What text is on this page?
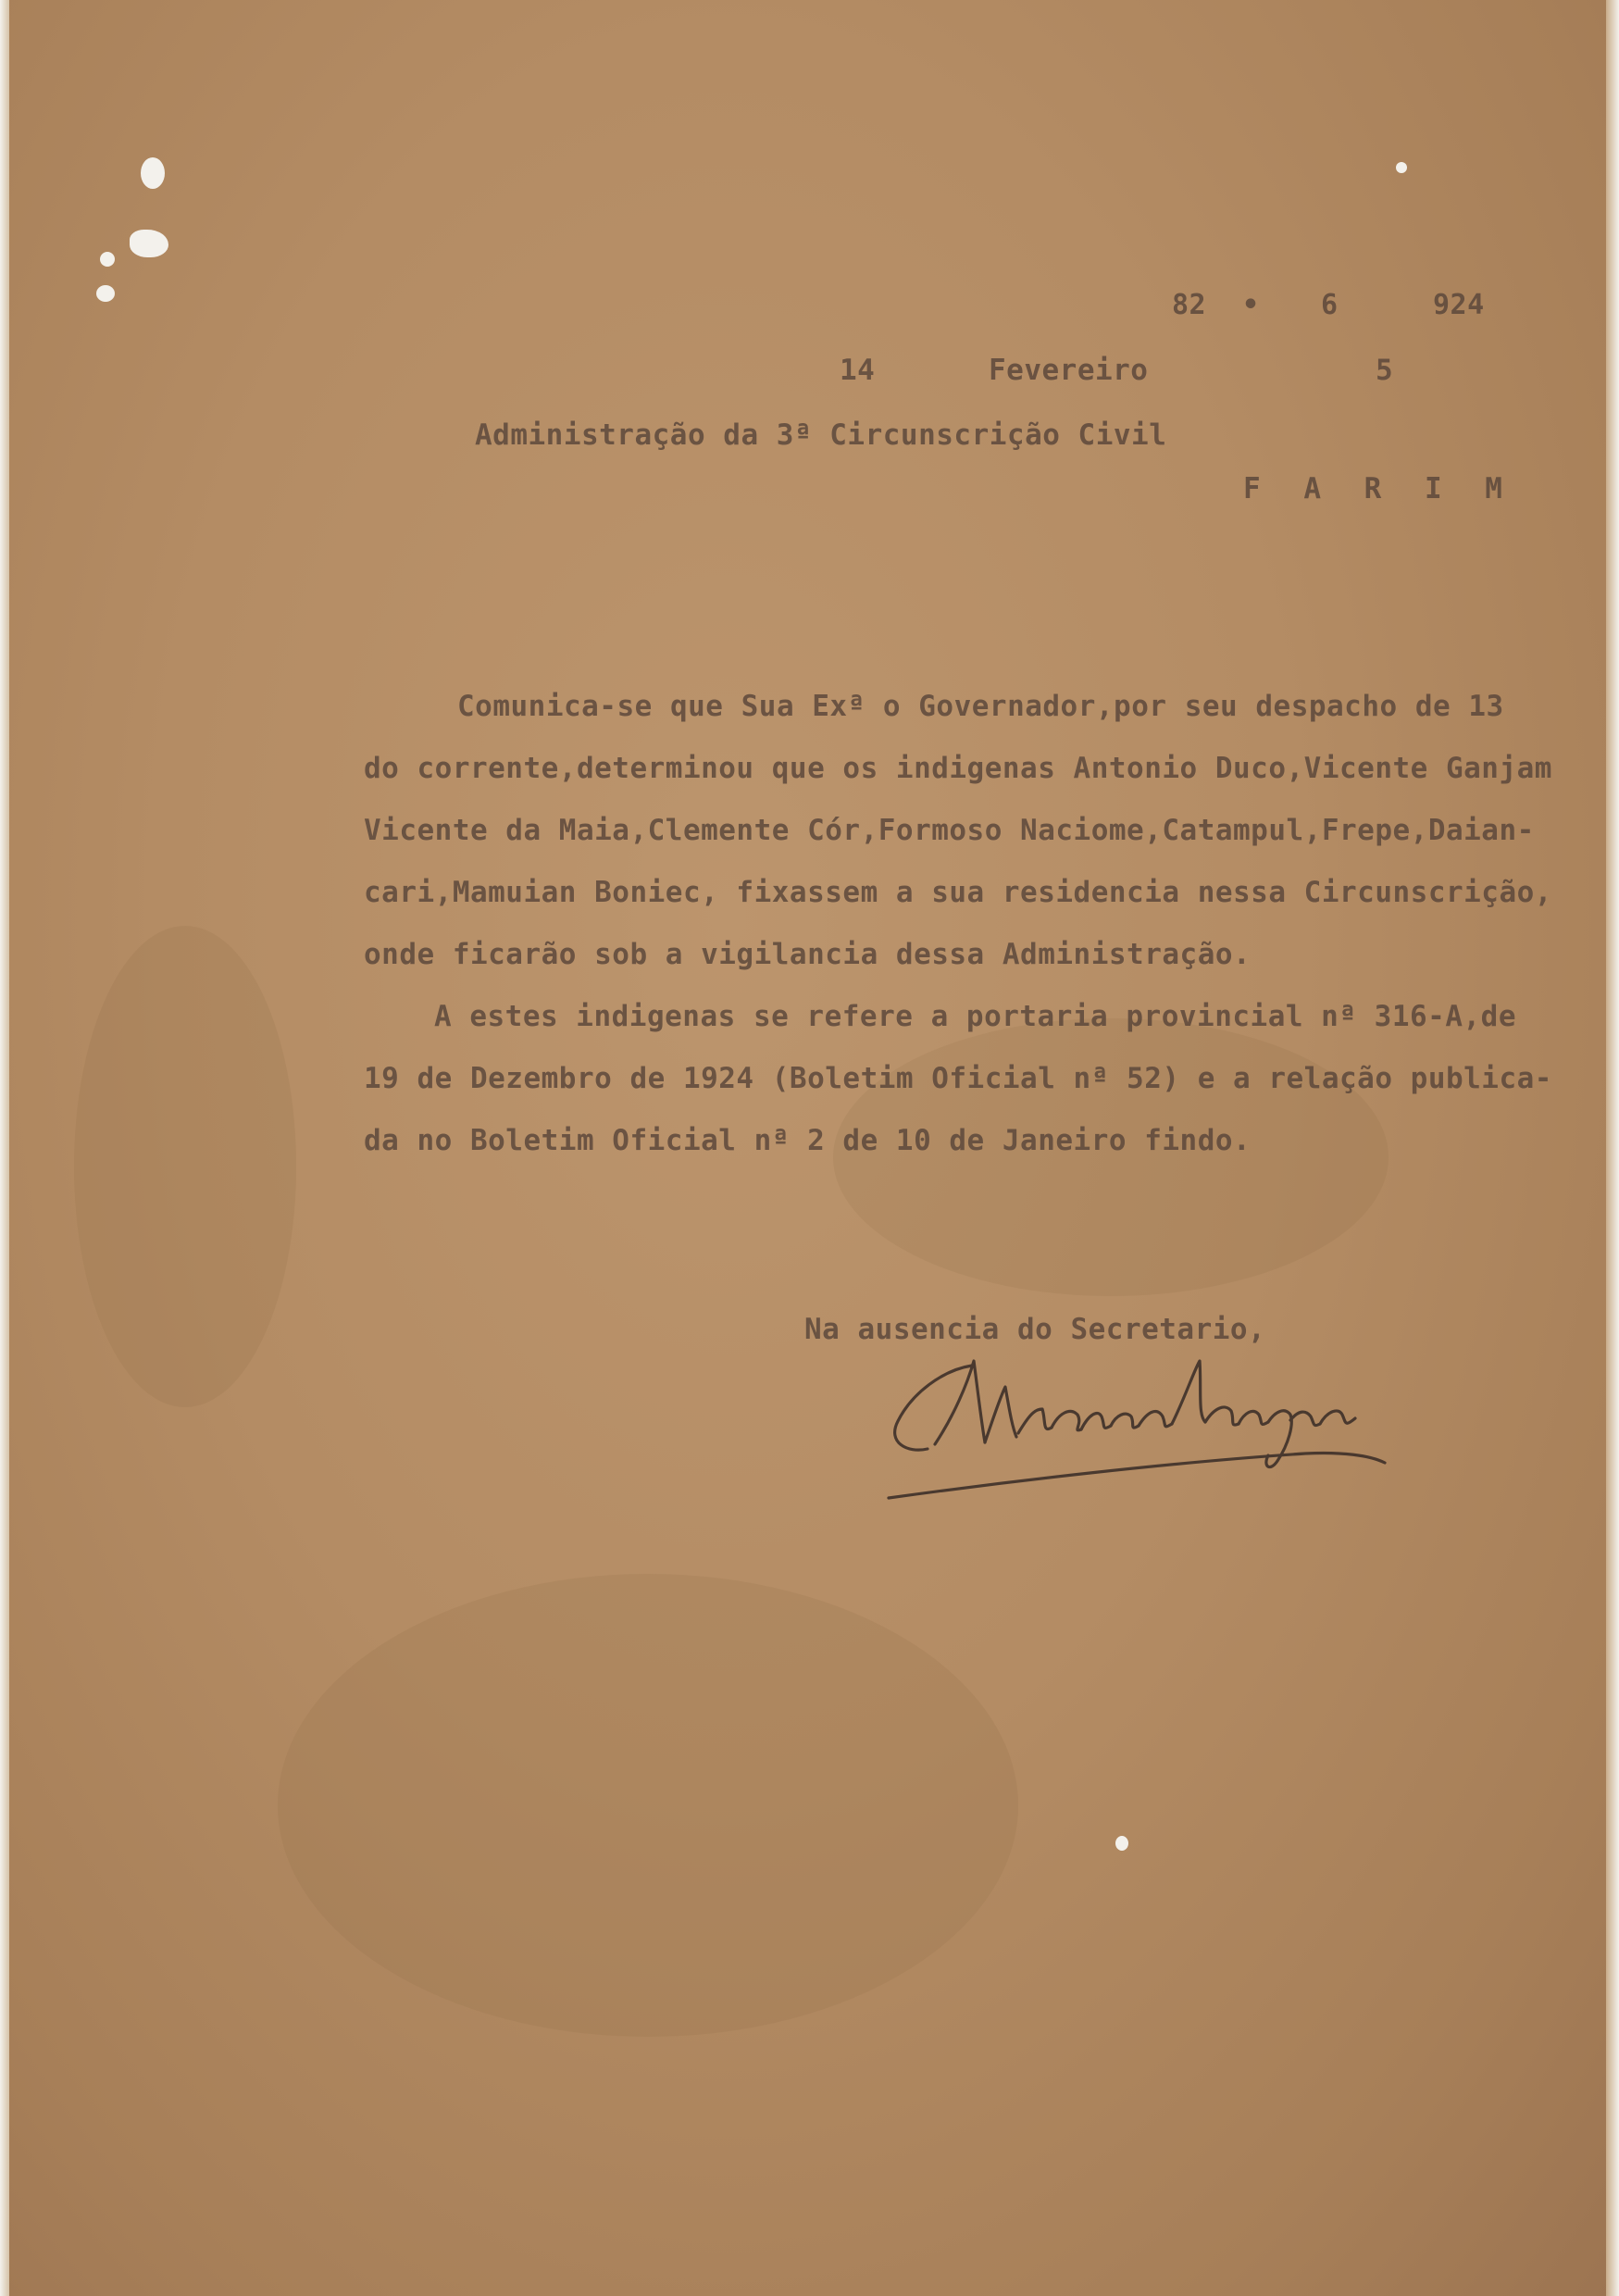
82 • 6	924
14	Fevereiro	5
Administração da 3ª Circunscrição Civil
F A R I M
Comunica-se que Sua Exª o Governador,por seu despacho de 13
do corrente,determinou que os indigenas Antonio Duco,Vicente Ganjam
Vicente da Maia,Clemente Cór,Formoso Naciome,Catampul,Frepe,Daian-
cari,Mamuian Boniec, fixassem a sua residencia nessa Circunscrição,
onde ficarão sob a vigilancia dessa Administração.
A estes indigenas se refere a portaria provincial nª 316-A,de
19 de Dezembro de 1924 (Boletim Oficial nª 52) e a relação publica-
da no Boletim Oficial nª 2 de 10 de Janeiro findo.
Na ausencia do Secretario,
